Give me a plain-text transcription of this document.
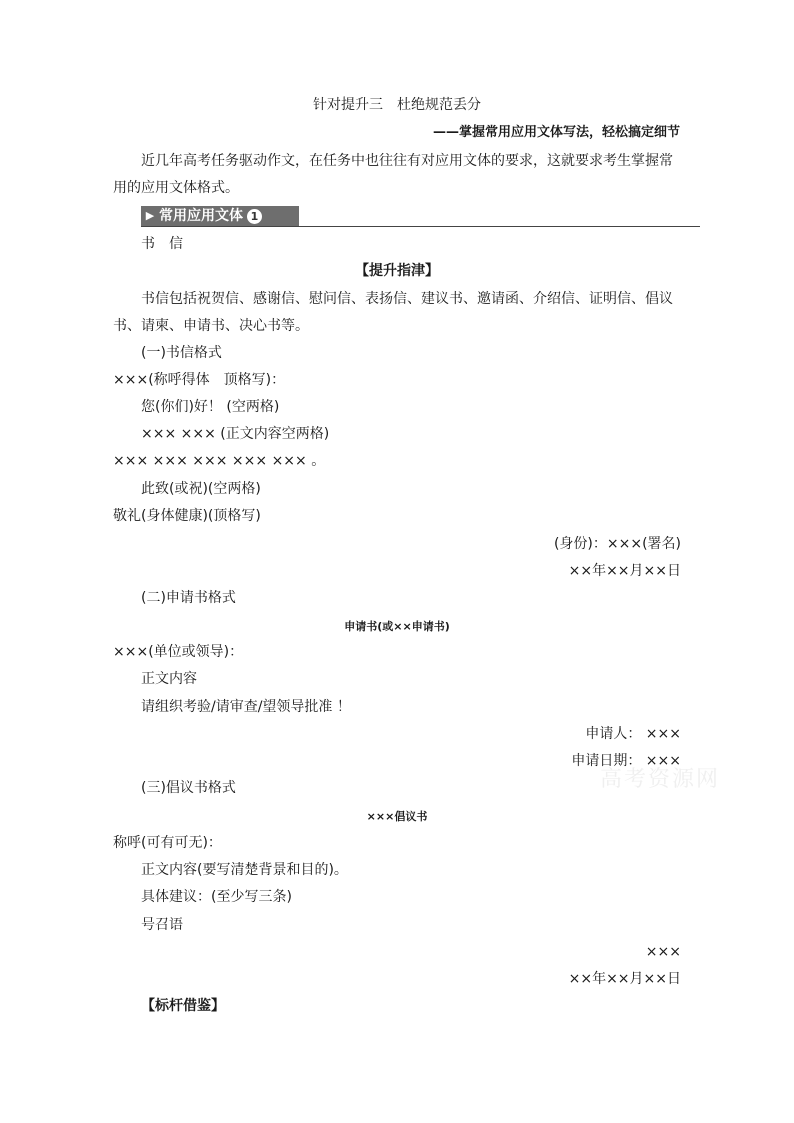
针对提升三　杜绝规范丢分
——掌握常用应用文体写法，轻松搞定细节
近几年高考任务驱动作文，在任务中也往往有对应用文体的要求，这就要求考生掌握常
用的应用文体格式。
▶ 常用应用文体 1
书　信
【提升指津】
书信包括祝贺信、感谢信、慰问信、表扬信、建议书、邀请函、介绍信、证明信、倡议
书、请柬、申请书、决心书等。
(一)书信格式
×××(称呼得体　顶格写)：
您(你们)好！ (空两格)
××× ××× (正文内容空两格)
××× ××× ××× ××× ××× 。
此致(或祝)(空两格)
敬礼(身体健康)(顶格写)
(身份)：×××(署名)
××年××月××日
(二)申请书格式
申请书(或××申请书)
×××(单位或领导)：
正文内容
请组织考验/请审查/望领导批准 ！
申请人： ×××
申请日期： ×××
高考资源网
(三)倡议书格式
×××倡议书
称呼(可有可无)：
正文内容(要写清楚背景和目的)。
具体建议：(至少写三条)
号召语
×××
××年××月××日
【标杆借鉴】
